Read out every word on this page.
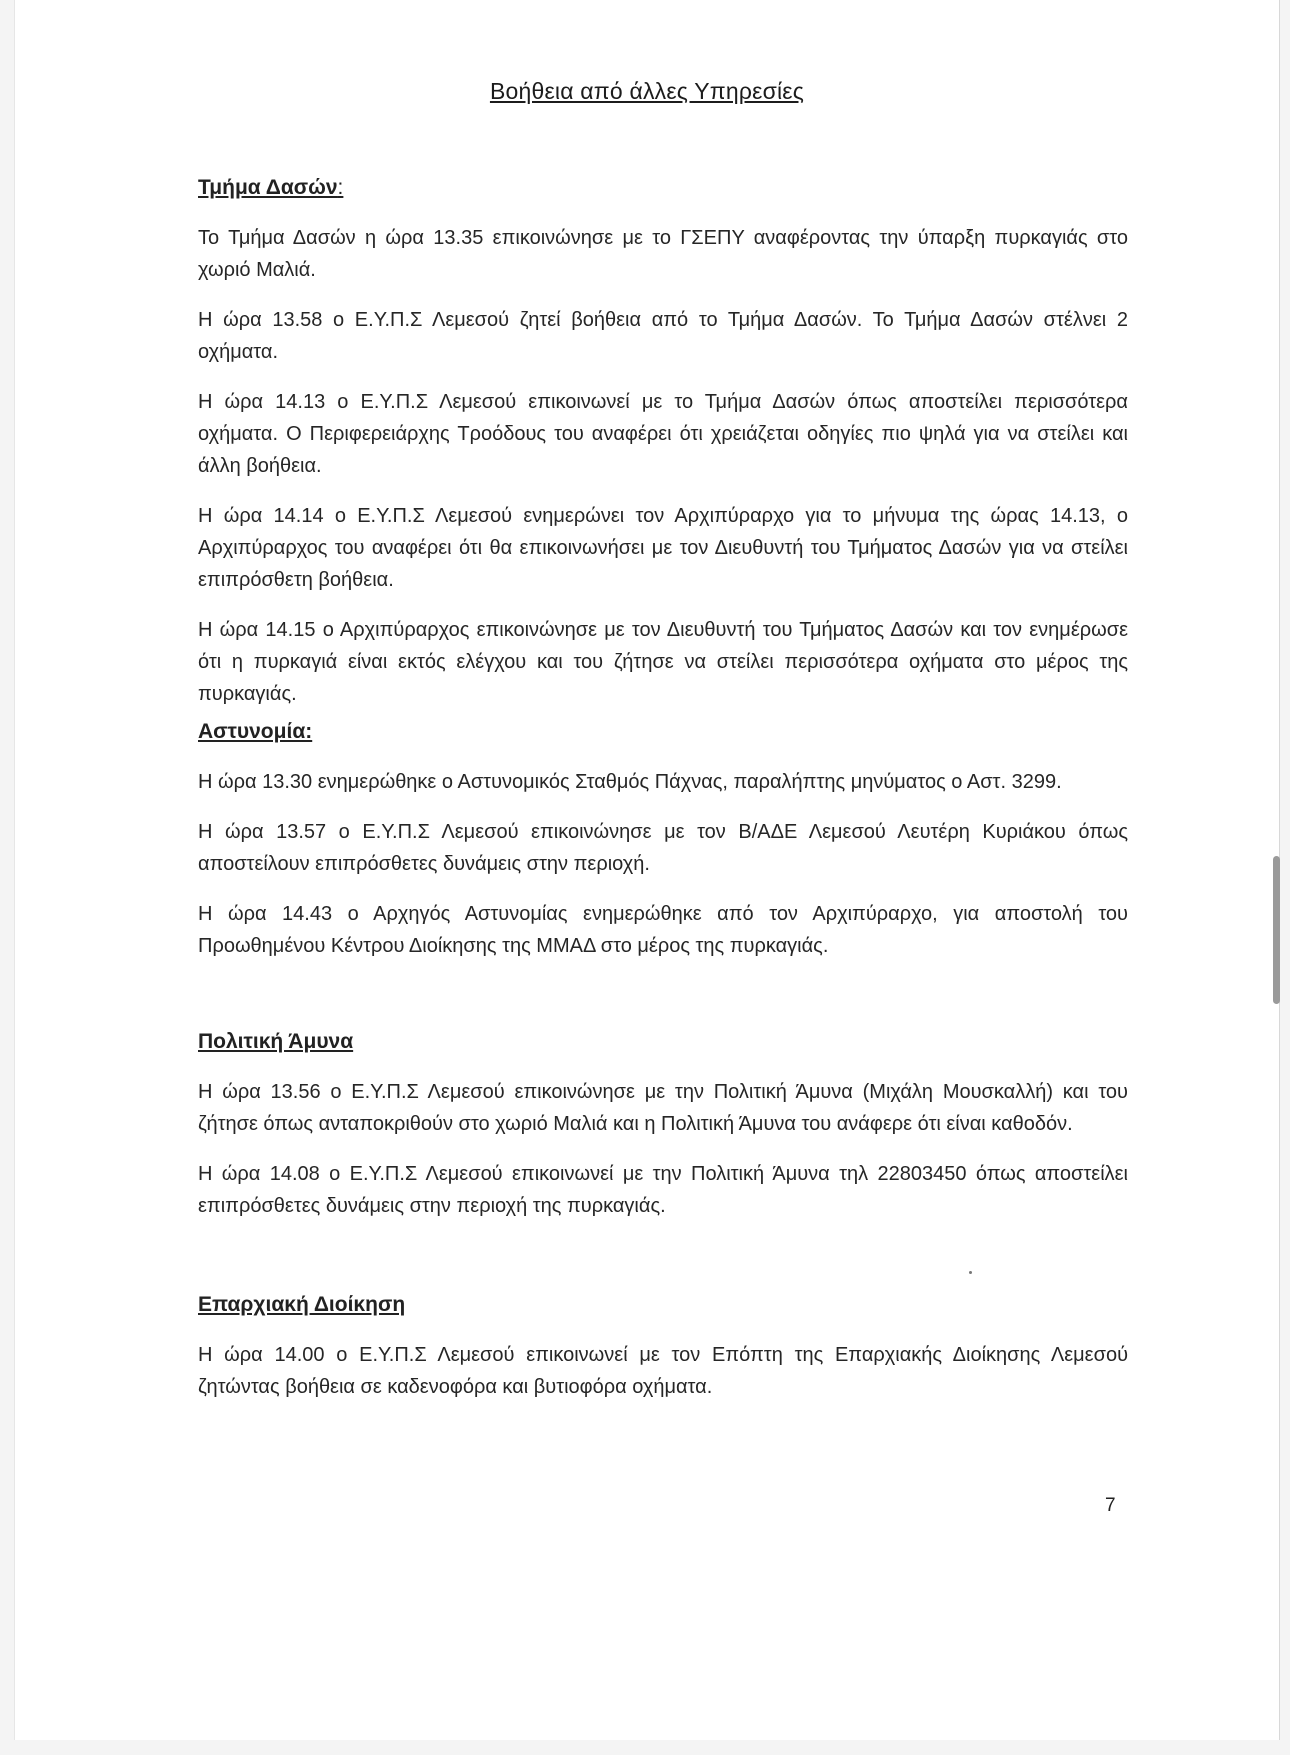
Βοήθεια από άλλες Υπηρεσίες
Τμήμα Δασών:

Το Τμήμα Δασών η ώρα 13.35 επικοινώνησε με το ΓΣΕΠΥ αναφέροντας την ύπαρξη πυρκαγιάς στο χωριό Μαλιά.

Η ώρα 13.58 ο Ε.Υ.Π.Σ Λεμεσού ζητεί βοήθεια από το Τμήμα Δασών. Το Τμήμα Δασών στέλνει 2 οχήματα.

Η ώρα 14.13 ο Ε.Υ.Π.Σ Λεμεσού επικοινωνεί με το Τμήμα Δασών όπως αποστείλει περισσότερα οχήματα. Ο Περιφερειάρχης Τροόδους του αναφέρει ότι χρειάζεται οδηγίες πιο ψηλά για να στείλει και άλλη βοήθεια.

Η ώρα 14.14 ο Ε.Υ.Π.Σ Λεμεσού ενημερώνει τον Αρχιπύραρχο για το μήνυμα της ώρας 14.13, ο Αρχιπύραρχος του αναφέρει ότι θα επικοινωνήσει με τον Διευθυντή του Τμήματος Δασών για να στείλει επιπρόσθετη βοήθεια.

Η ώρα 14.15 ο Αρχιπύραρχος επικοινώνησε με τον Διευθυντή του Τμήματος Δασών και τον ενημέρωσε ότι η πυρκαγιά είναι εκτός ελέγχου και του ζήτησε να στείλει περισσότερα οχήματα στο μέρος της πυρκαγιάς.

Αστυνομία:

Η ώρα 13.30 ενημερώθηκε ο Αστυνομικός Σταθμός Πάχνας, παραλήπτης μηνύματος ο Αστ. 3299.

Η ώρα 13.57 ο Ε.Υ.Π.Σ Λεμεσού επικοινώνησε με τον Β/ΑΔΕ Λεμεσού Λευτέρη Κυριάκου όπως αποστείλουν επιπρόσθετες δυνάμεις στην περιοχή.

Η ώρα 14.43 ο Αρχηγός Αστυνομίας ενημερώθηκε από τον Αρχιπύραρχο, για αποστολή του Προωθημένου Κέντρου Διοίκησης της ΜΜΑΔ στο μέρος της πυρκαγιάς.

Πολιτική Άμυνα

Η ώρα 13.56 ο Ε.Υ.Π.Σ Λεμεσού επικοινώνησε με την Πολιτική Άμυνα (Μιχάλη Μουσκαλλή) και του ζήτησε όπως ανταποκριθούν στο χωριό Μαλιά και η Πολιτική Άμυνα του ανάφερε ότι είναι καθοδόν.

Η ώρα 14.08 ο Ε.Υ.Π.Σ Λεμεσού επικοινωνεί με την Πολιτική Άμυνα τηλ 22803450 όπως αποστείλει επιπρόσθετες δυνάμεις στην περιοχή της πυρκαγιάς.

Επαρχιακή Διοίκηση

Η ώρα 14.00 ο Ε.Υ.Π.Σ Λεμεσού επικοινωνεί με τον Επόπτη της Επαρχιακής Διοίκησης Λεμεσού ζητώντας βοήθεια σε καδενοφόρα και βυτιοφόρα οχήματα.

7
